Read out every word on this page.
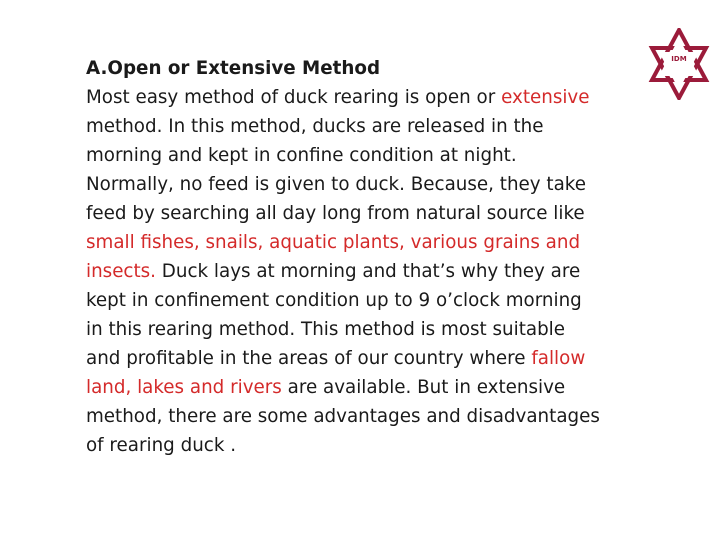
IDM
A.Open or Extensive Method
Most easy method of duck rearing is open or extensive
method. In this method, ducks are released in the
morning and kept in confine condition at night.
Normally, no feed is given to duck. Because, they take
feed by searching all day long from natural source like
small fishes, snails, aquatic plants, various grains and
insects. Duck lays at morning and that’s why they are
kept in confinement condition up to 9 o’clock morning
in this rearing method. This method is most suitable
and profitable in the areas of our country where fallow
land, lakes and rivers are available. But in extensive
method, there are some advantages and disadvantages
of rearing duck .
